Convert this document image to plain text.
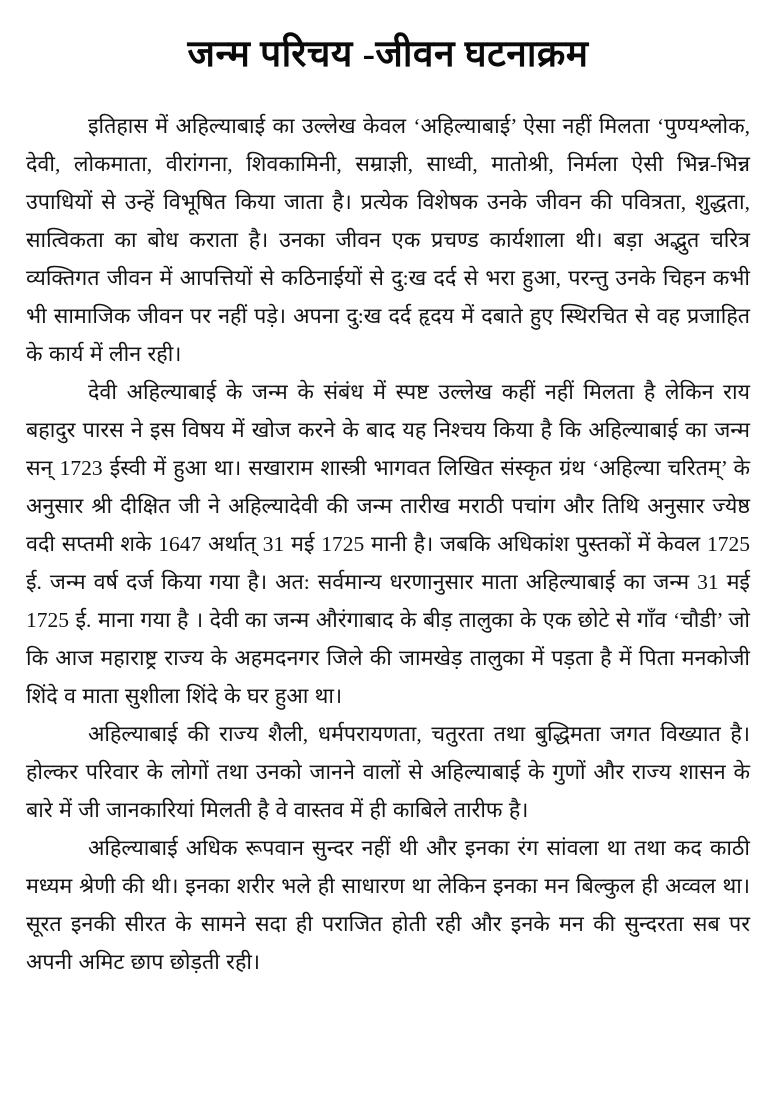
जन्म परिचय -जीवन घटनाक्रम

इतिहास में अहिल्याबाई का उल्लेख केवल ‘अहिल्याबाई’ ऐसा नहीं मिलता ‘पुण्यश्लोक, देवी, लोकमाता, वीरांगना, शिवकामिनी, सम्राज्ञी, साध्वी, मातोश्री, निर्मला ऐसी भिन्न-भिन्न उपाधियों से उन्हें विभूषित किया जाता है। प्रत्येक विशेषक उनके जीवन की पवित्रता, शुद्धता, सात्विकता का बोध कराता है। उनका जीवन एक प्रचण्ड कार्यशाला थी। बड़ा अद्भुत चरित्र व्यक्तिगत जीवन में आपत्तियों से कठिनाईयों से दु:ख दर्द से भरा हुआ, परन्तु उनके चिहन कभी भी सामाजिक जीवन पर नहीं पड़े। अपना दु:ख दर्द हृदय में दबाते हुए स्थिरचित से वह प्रजाहित के कार्य में लीन रही।

देवी अहिल्याबाई के जन्म के संबंध में स्पष्ट उल्लेख कहीं नहीं मिलता है लेकिन राय बहादुर पारस ने इस विषय में खोज करने के बाद यह निश्चय किया है कि अहिल्याबाई का जन्म सन् 1723 ईस्वी में हुआ था। सखाराम शास्त्री भागवत लिखित संस्कृत ग्रंथ ‘अहिल्या चरितम्’ के अनुसार श्री दीक्षित जी ने अहिल्यादेवी की जन्म तारीख मराठी पचांग और तिथि अनुसार ज्येष्ठ वदी सप्तमी शके 1647 अर्थात् 31 मई 1725 मानी है। जबकि अधिकांश पुस्तकों में केवल 1725 ई. जन्म वर्ष दर्ज किया गया है। अत: सर्वमान्य धरणानुसार माता अहिल्याबाई का जन्म 31 मई 1725 ई. माना गया है । देवी का जन्म औरंगाबाद के बीड़ तालुका के एक छोटे से गाँव ‘चौडी’ जो कि आज महाराष्ट्र राज्य के अहमदनगर जिले की जामखेड़ तालुका में पड़ता है में पिता मनकोजी शिंदे व माता सुशीला शिंदे के घर हुआ था।

अहिल्याबाई की राज्य शैली, धर्मपरायणता, चतुरता तथा बुद्धिमता जगत विख्यात है। होल्कर परिवार के लोगों तथा उनको जानने वालों से अहिल्याबाई के गुणों और राज्य शासन के बारे में जी जानकारियां मिलती है वे वास्तव में ही काबिले तारीफ है।

अहिल्याबाई अधिक रूपवान सुन्दर नहीं थी और इनका रंग सांवला था तथा कद काठी मध्यम श्रेणी की थी। इनका शरीर भले ही साधारण था लेकिन इनका मन बिल्कुल ही अव्वल था। सूरत इनकी सीरत के सामने सदा ही पराजित होती रही और इनके मन की सुन्दरता सब पर अपनी अमिट छाप छोड़ती रही।
